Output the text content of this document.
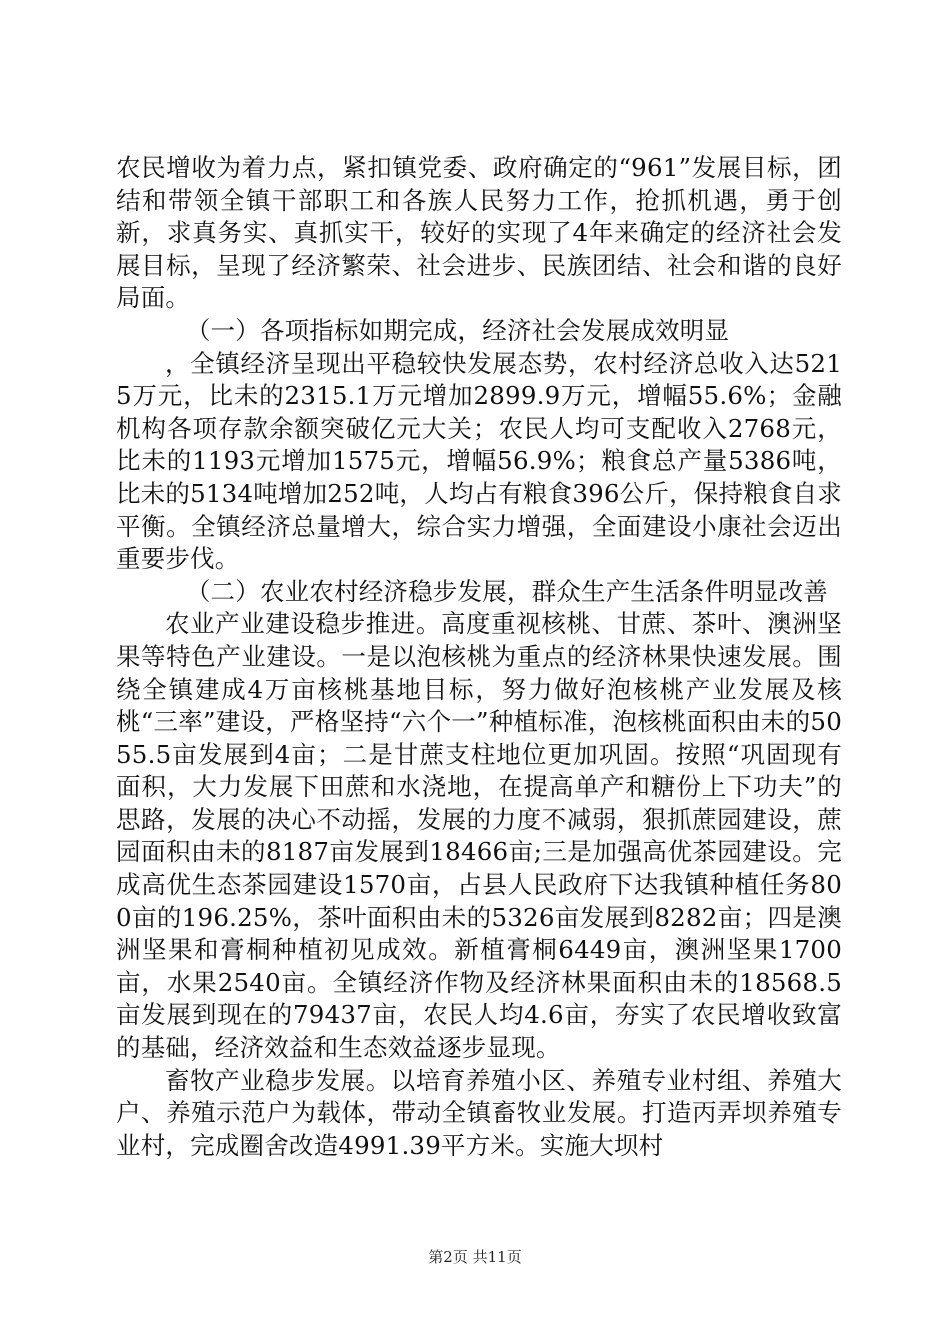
农民增收为着力点，紧扣镇党委、政府确定的“961”发展目标，团结和带领全镇干部职工和各族人民努力工作，抢抓机遇，勇于创新，求真务实、真抓实干，较好的实现了4年来确定的经济社会发展目标，呈现了经济繁荣、社会进步、民族团结、社会和谐的良好局面。

（一）各项指标如期完成，经济社会发展成效明显

，全镇经济呈现出平稳较快发展态势，农村经济总收入达5215万元，比未的2315.1万元增加2899.9万元，增幅55.6%；金融机构各项存款余额突破亿元大关；农民人均可支配收入2768元，比未的1193元增加1575元，增幅56.9%；粮食总产量5386吨，比未的5134吨增加252吨，人均占有粮食396公斤，保持粮食自求平衡。全镇经济总量增大，综合实力增强，全面建设小康社会迈出重要步伐。

（二）农业农村经济稳步发展，群众生产生活条件明显改善

农业产业建设稳步推进。高度重视核桃、甘蔗、茶叶、澳洲坚果等特色产业建设。一是以泡核桃为重点的经济林果快速发展。围绕全镇建成4万亩核桃基地目标，努力做好泡核桃产业发展及核桃“三率”建设，严格坚持“六个一”种植标准，泡核桃面积由未的5055.5亩发展到4亩；二是甘蔗支柱地位更加巩固。按照“巩固现有面积，大力发展下田蔗和水浇地，在提高单产和糖份上下功夫”的思路，发展的决心不动摇，发展的力度不减弱，狠抓蔗园建设，蔗园面积由未的8187亩发展到18466亩;三是加强高优茶园建设。完成高优生态茶园建设1570亩，占县人民政府下达我镇种植任务800亩的196.25%，茶叶面积由未的5326亩发展到8282亩；四是澳洲坚果和膏桐种植初见成效。新植膏桐6449亩，澳洲坚果1700亩，水果2540亩。全镇经济作物及经济林果面积由未的18568.5亩发展到现在的79437亩，农民人均4.6亩，夯实了农民增收致富的基础，经济效益和生态效益逐步显现。

畜牧产业稳步发展。以培育养殖小区、养殖专业村组、养殖大户、养殖示范户为载体，带动全镇畜牧业发展。打造丙弄坝养殖专业村，完成圈舍改造4991.39平方米。实施大坝村

第2页 共11页
